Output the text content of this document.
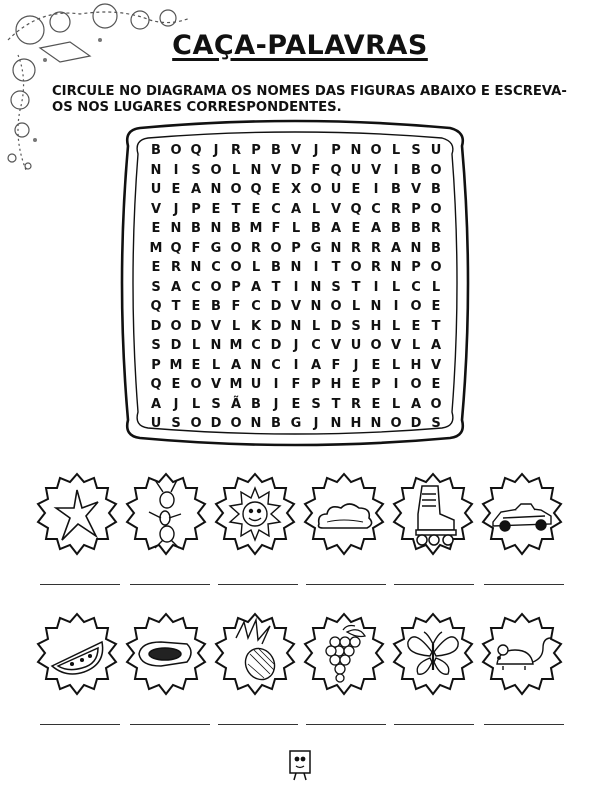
CAÇA-PALAVRAS
CIRCULE NO DIAGRAMA OS NOMES DAS FIGURAS ABAIXO E ESCREVA-OS NOS LUGARES CORRESPONDENTES.
B O Q J R P B V J P N O L S U
N I S O L N V D F Q U V I B O
U E A N O Q E X O U E	I B V B
V J P E T E C A L V Q C R P O
E N B N B M F L B A E A B B R
M Q F G O R O P G N R R A N B
E R N C O L B N I	T O R N P O
S A C O P A T	I N S T	I	L C L
Q T E B F C D V N O L N I O E
D O D V L K D N L D S H L E T
S D L N M C D J C V U O V L A
P M E L A N C I A F	J	E L H V
Q E O V M U I	F P H E P I O E
A J	L S Ã B J	E S T R E L A O
U S O D O N B G J N H N O D S
